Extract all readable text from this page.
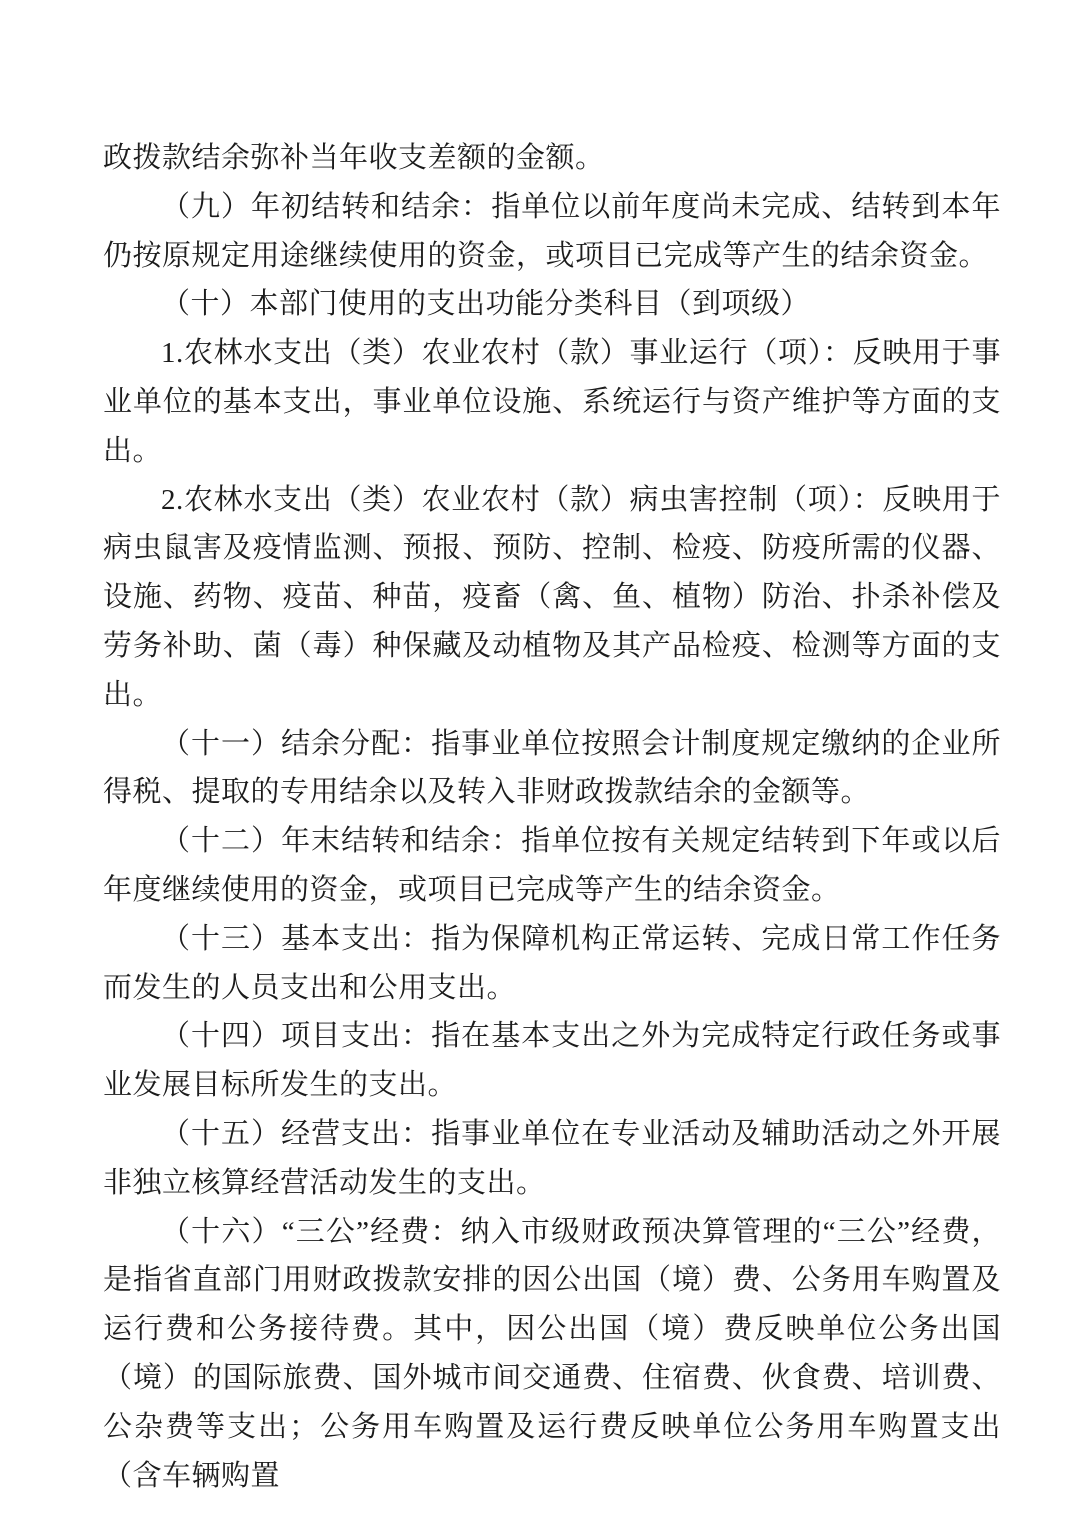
政拨款结余弥补当年收支差额的金额。

（九）年初结转和结余：指单位以前年度尚未完成、结转到本年仍按原规定用途继续使用的资金，或项目已完成等产生的结余资金。

（十）本部门使用的支出功能分类科目（到项级）

1.农林水支出（类）农业农村（款）事业运行（项）：反映用于事业单位的基本支出，事业单位设施、系统运行与资产维护等方面的支出。

2.农林水支出（类）农业农村（款）病虫害控制（项）：反映用于病虫鼠害及疫情监测、预报、预防、控制、检疫、防疫所需的仪器、设施、药物、疫苗、种苗，疫畜（禽、鱼、植物）防治、扑杀补偿及劳务补助、菌（毒）种保藏及动植物及其产品检疫、检测等方面的支出。

（十一）结余分配：指事业单位按照会计制度规定缴纳的企业所得税、提取的专用结余以及转入非财政拨款结余的金额等。

（十二）年末结转和结余：指单位按有关规定结转到下年或以后年度继续使用的资金，或项目已完成等产生的结余资金。

（十三）基本支出：指为保障机构正常运转、完成日常工作任务而发生的人员支出和公用支出。

（十四）项目支出：指在基本支出之外为完成特定行政任务或事业发展目标所发生的支出。

（十五）经营支出：指事业单位在专业活动及辅助活动之外开展非独立核算经营活动发生的支出。

（十六）“三公”经费：纳入市级财政预决算管理的“三公”经费，是指省直部门用财政拨款安排的因公出国（境）费、公务用车购置及运行费和公务接待费。其中，因公出国（境）费反映单位公务出国（境）的国际旅费、国外城市间交通费、住宿费、伙食费、培训费、公杂费等支出；公务用车购置及运行费反映单位公务用车购置支出（含车辆购置
